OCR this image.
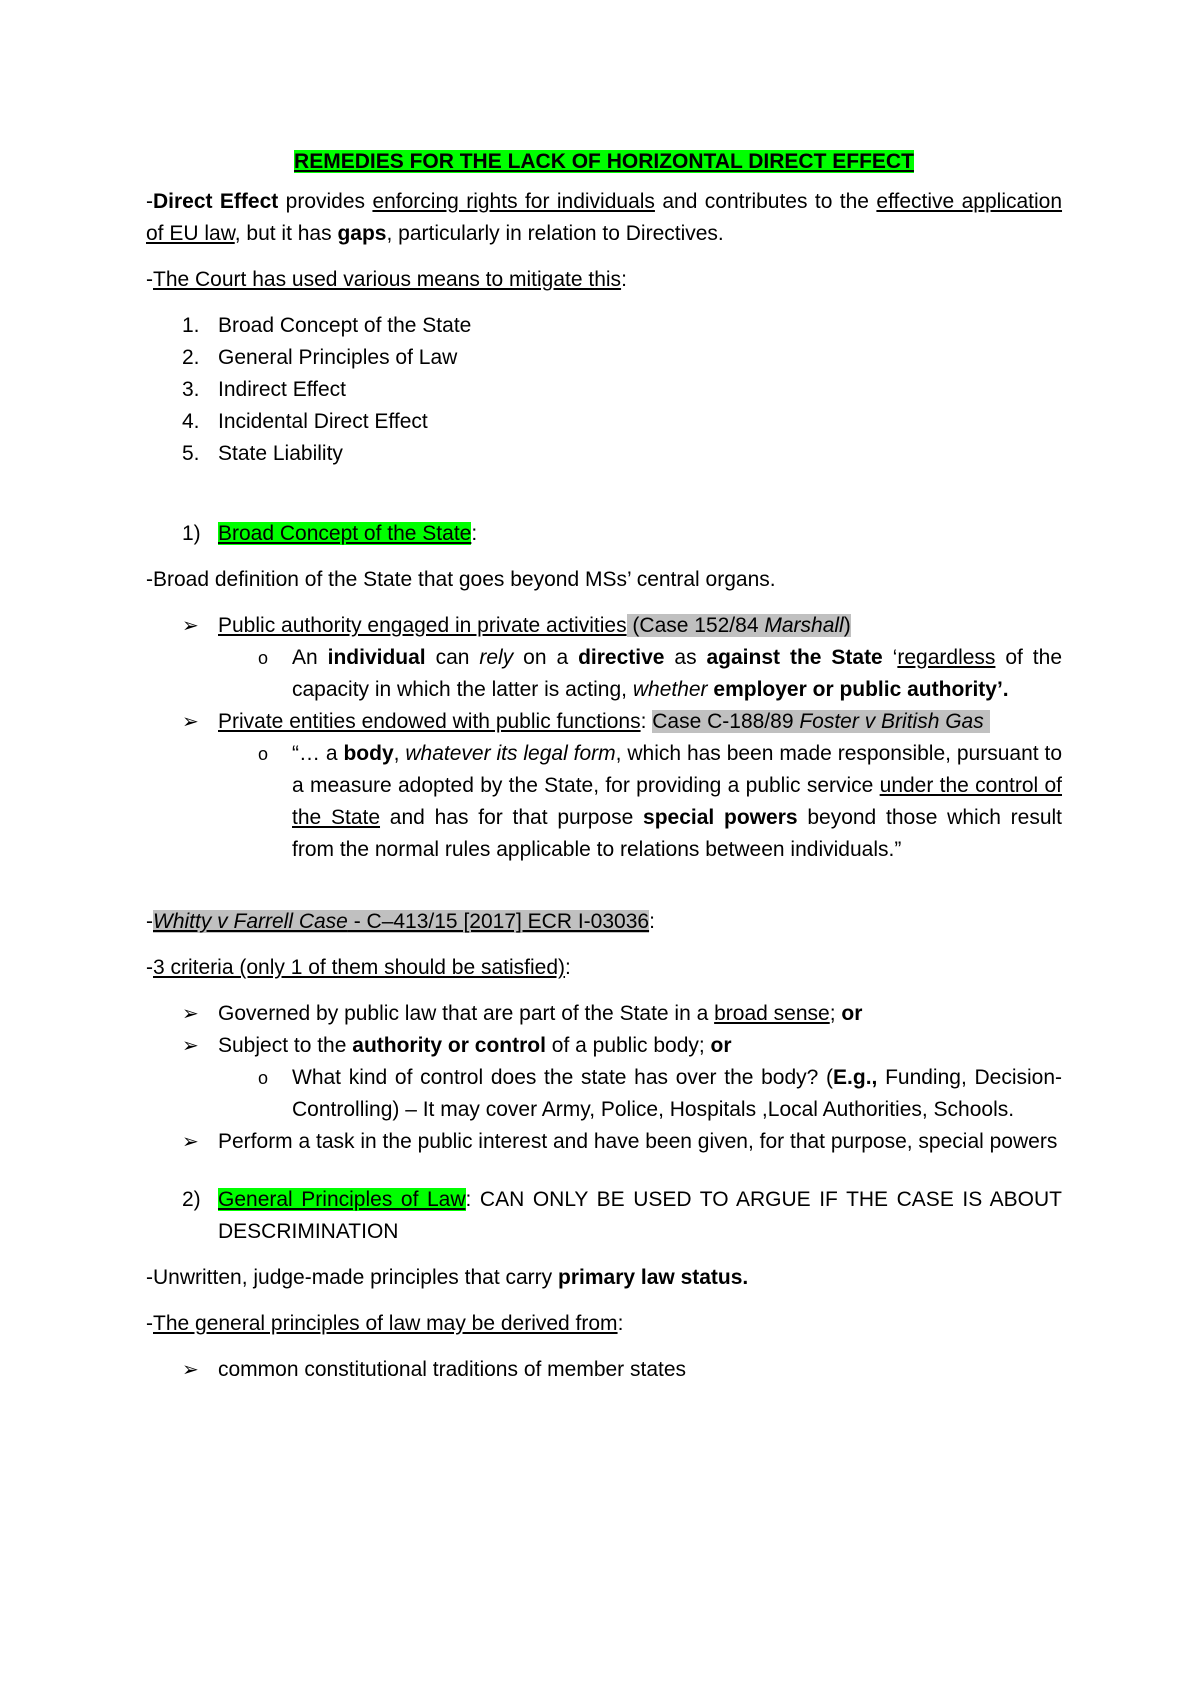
REMEDIES FOR THE LACK OF HORIZONTAL DIRECT EFFECT

-Direct Effect provides enforcing rights for individuals and contributes to the effective application of EU law, but it has gaps, particularly in relation to Directives.

-The Court has used various means to mitigate this:

1. Broad Concept of the State
2. General Principles of Law
3. Indirect Effect
4. Incidental Direct Effect
5. State Liability
1) Broad Concept of the State:

-Broad definition of the State that goes beyond MSs’ central organs.

➢ Public authority engaged in private activities (Case 152/84 Marshall)
o An individual can rely on a directive as against the State ‘regardless of the capacity in which the latter is acting, whether employer or public authority’.
➢ Private entities endowed with public functions: Case C-188/89 Foster v British Gas
o “… a body, whatever its legal form, which has been made responsible, pursuant to a measure adopted by the State, for providing a public service under the control of the State and has for that purpose special powers beyond those which result from the normal rules applicable to relations between individuals.”

-Whitty v Farrell Case - C–413/15 [2017] ECR I-03036:

-3 criteria (only 1 of them should be satisfied):

➢ Governed by public law that are part of the State in a broad sense; or
➢ Subject to the authority or control of a public body; or
o What kind of control does the state has over the body? (E.g., Funding, Decision-Controlling) – It may cover Army, Police, Hospitals ,Local Authorities, Schools.
➢ Perform a task in the public interest and have been given, for that purpose, special powers
2) General Principles of Law: CAN ONLY BE USED TO ARGUE IF THE CASE IS ABOUT DESCRIMINATION

-Unwritten, judge-made principles that carry primary law status.

-The general principles of law may be derived from:

➢ common constitutional traditions of member states
